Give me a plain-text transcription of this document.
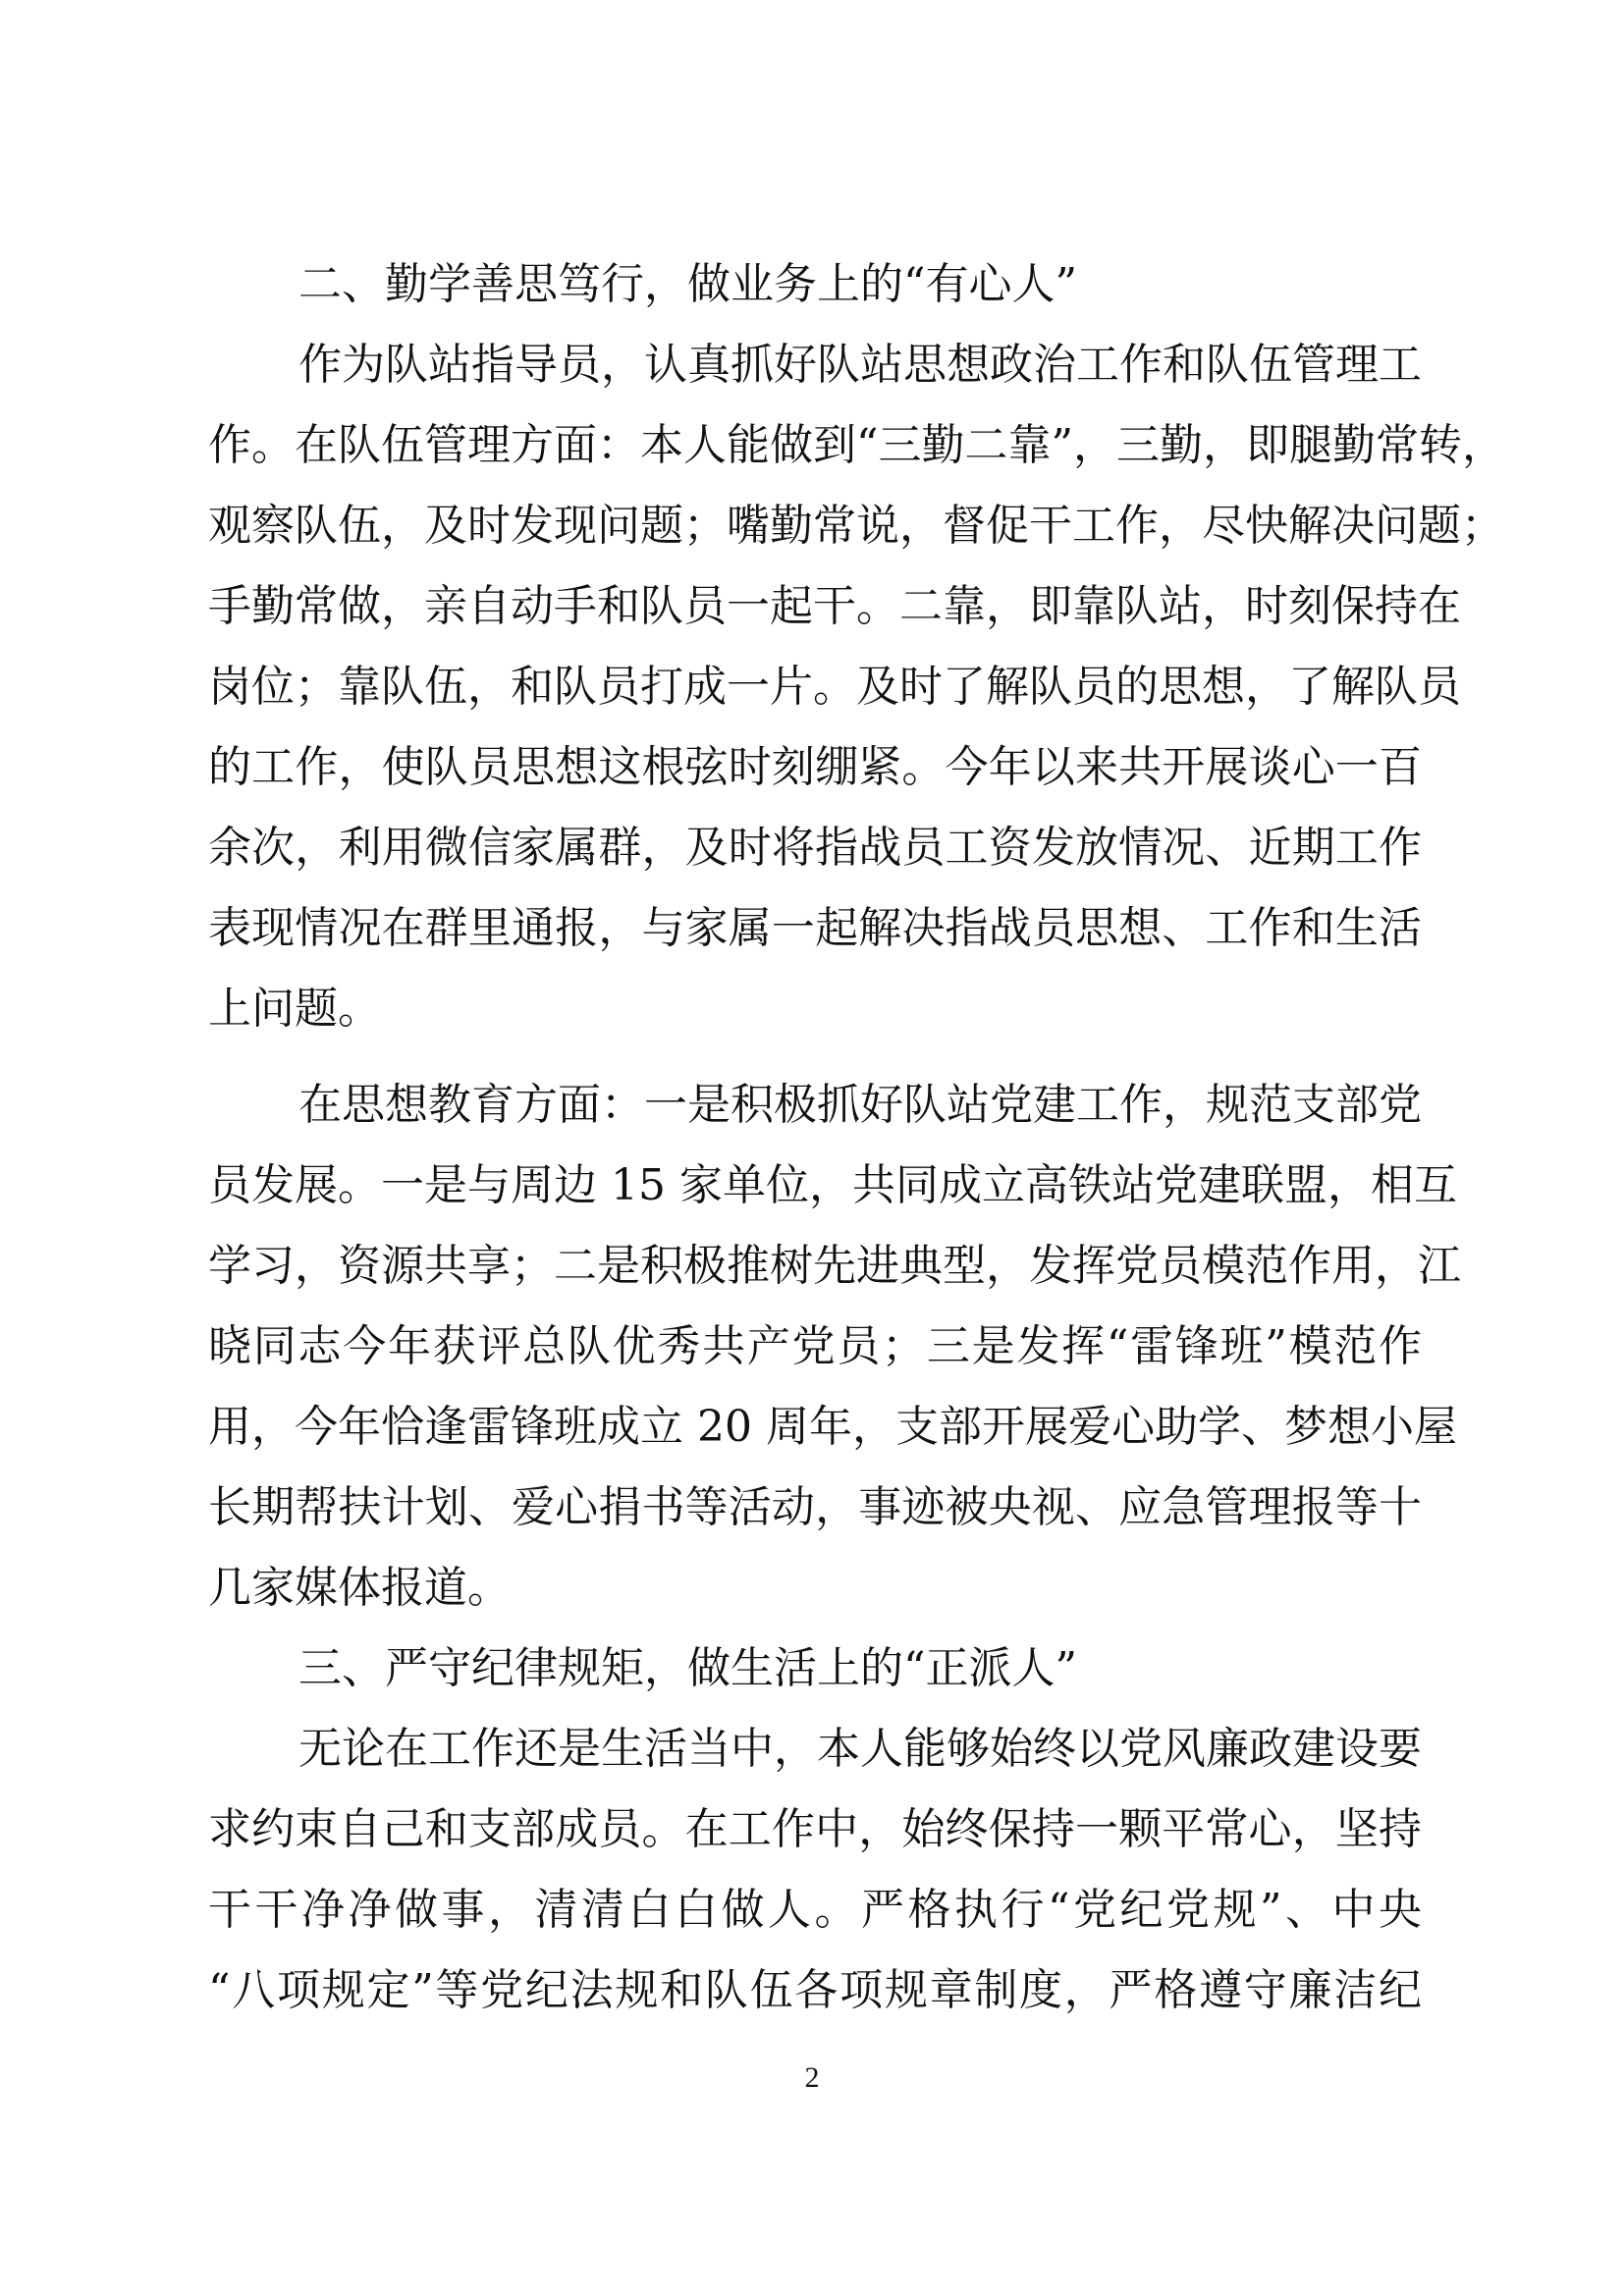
二、勤学善思笃行，做业务上的“有心人”
作为队站指导员，认真抓好队站思想政治工作和队伍管理工
作。在队伍管理方面：本人能做到“三勤二靠”，三勤，即腿勤常转，
观察队伍，及时发现问题；嘴勤常说，督促干工作，尽快解决问题；
手勤常做，亲自动手和队员一起干。二靠，即靠队站，时刻保持在
岗位；靠队伍，和队员打成一片。及时了解队员的思想，了解队员
的工作，使队员思想这根弦时刻绷紧。今年以来共开展谈心一百
余次，利用微信家属群，及时将指战员工资发放情况、近期工作
表现情况在群里通报，与家属一起解决指战员思想、工作和生活
上问题。
在思想教育方面：一是积极抓好队站党建工作，规范支部党
员发展。一是与周边 15 家单位，共同成立高铁站党建联盟，相互
学习，资源共享；二是积极推树先进典型，发挥党员模范作用，江
晓同志今年获评总队优秀共产党员；三是发挥“雷锋班”模范作
用，今年恰逢雷锋班成立 20 周年，支部开展爱心助学、梦想小屋
长期帮扶计划、爱心捐书等活动，事迹被央视、应急管理报等十
几家媒体报道。
三、严守纪律规矩，做生活上的“正派人”
无论在工作还是生活当中，本人能够始终以党风廉政建设要
求约束自己和支部成员。在工作中，始终保持一颗平常心，坚持
干干净净做事，清清白白做人。严格执行“党纪党规”、中央
“八项规定”等党纪法规和队伍各项规章制度，严格遵守廉洁纪
2
